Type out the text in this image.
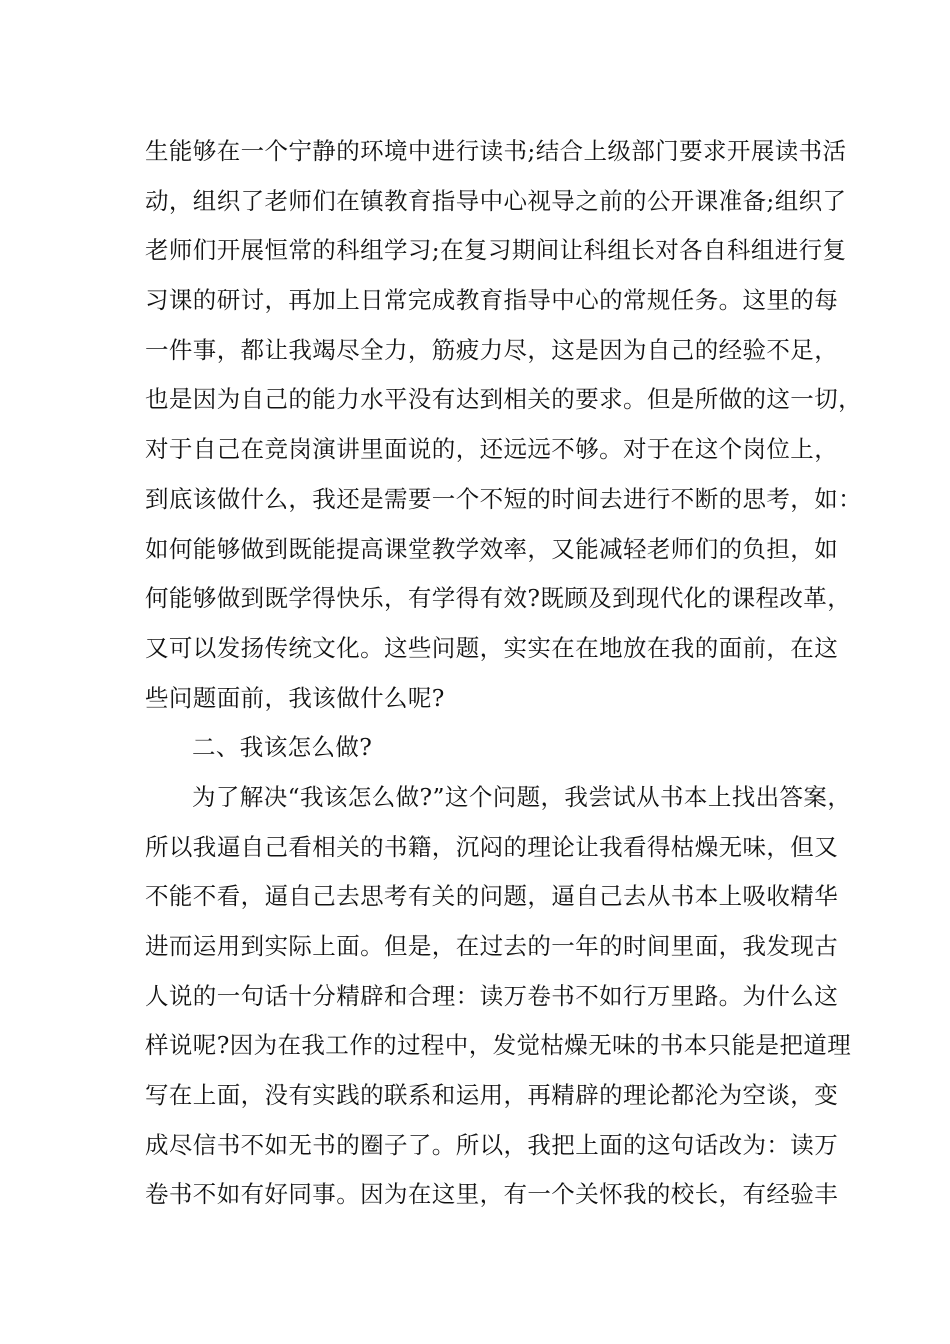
生能够在一个宁静的环境中进行读书;结合上级部门要求开展读书活
动，组织了老师们在镇教育指导中心视导之前的公开课准备;组织了
老师们开展恒常的科组学习;在复习期间让科组长对各自科组进行复
习课的研讨，再加上日常完成教育指导中心的常规任务。这里的每
一件事，都让我竭尽全力，筋疲力尽，这是因为自己的经验不足，
也是因为自己的能力水平没有达到相关的要求。但是所做的这一切，
对于自己在竞岗演讲里面说的，还远远不够。对于在这个岗位上，
到底该做什么，我还是需要一个不短的时间去进行不断的思考，如：
如何能够做到既能提高课堂教学效率，又能减轻老师们的负担，如
何能够做到既学得快乐，有学得有效?既顾及到现代化的课程改革，
又可以发扬传统文化。这些问题，实实在在地放在我的面前，在这
些问题面前，我该做什么呢?
二、我该怎么做?
为了解决“我该怎么做?”这个问题，我尝试从书本上找出答案，
所以我逼自己看相关的书籍，沉闷的理论让我看得枯燥无味，但又
不能不看，逼自己去思考有关的问题，逼自己去从书本上吸收精华
进而运用到实际上面。但是，在过去的一年的时间里面，我发现古
人说的一句话十分精辟和合理：读万卷书不如行万里路。为什么这
样说呢?因为在我工作的过程中，发觉枯燥无味的书本只能是把道理
写在上面，没有实践的联系和运用，再精辟的理论都沦为空谈，变
成尽信书不如无书的圈子了。所以，我把上面的这句话改为：读万
卷书不如有好同事。因为在这里，有一个关怀我的校长，有经验丰
